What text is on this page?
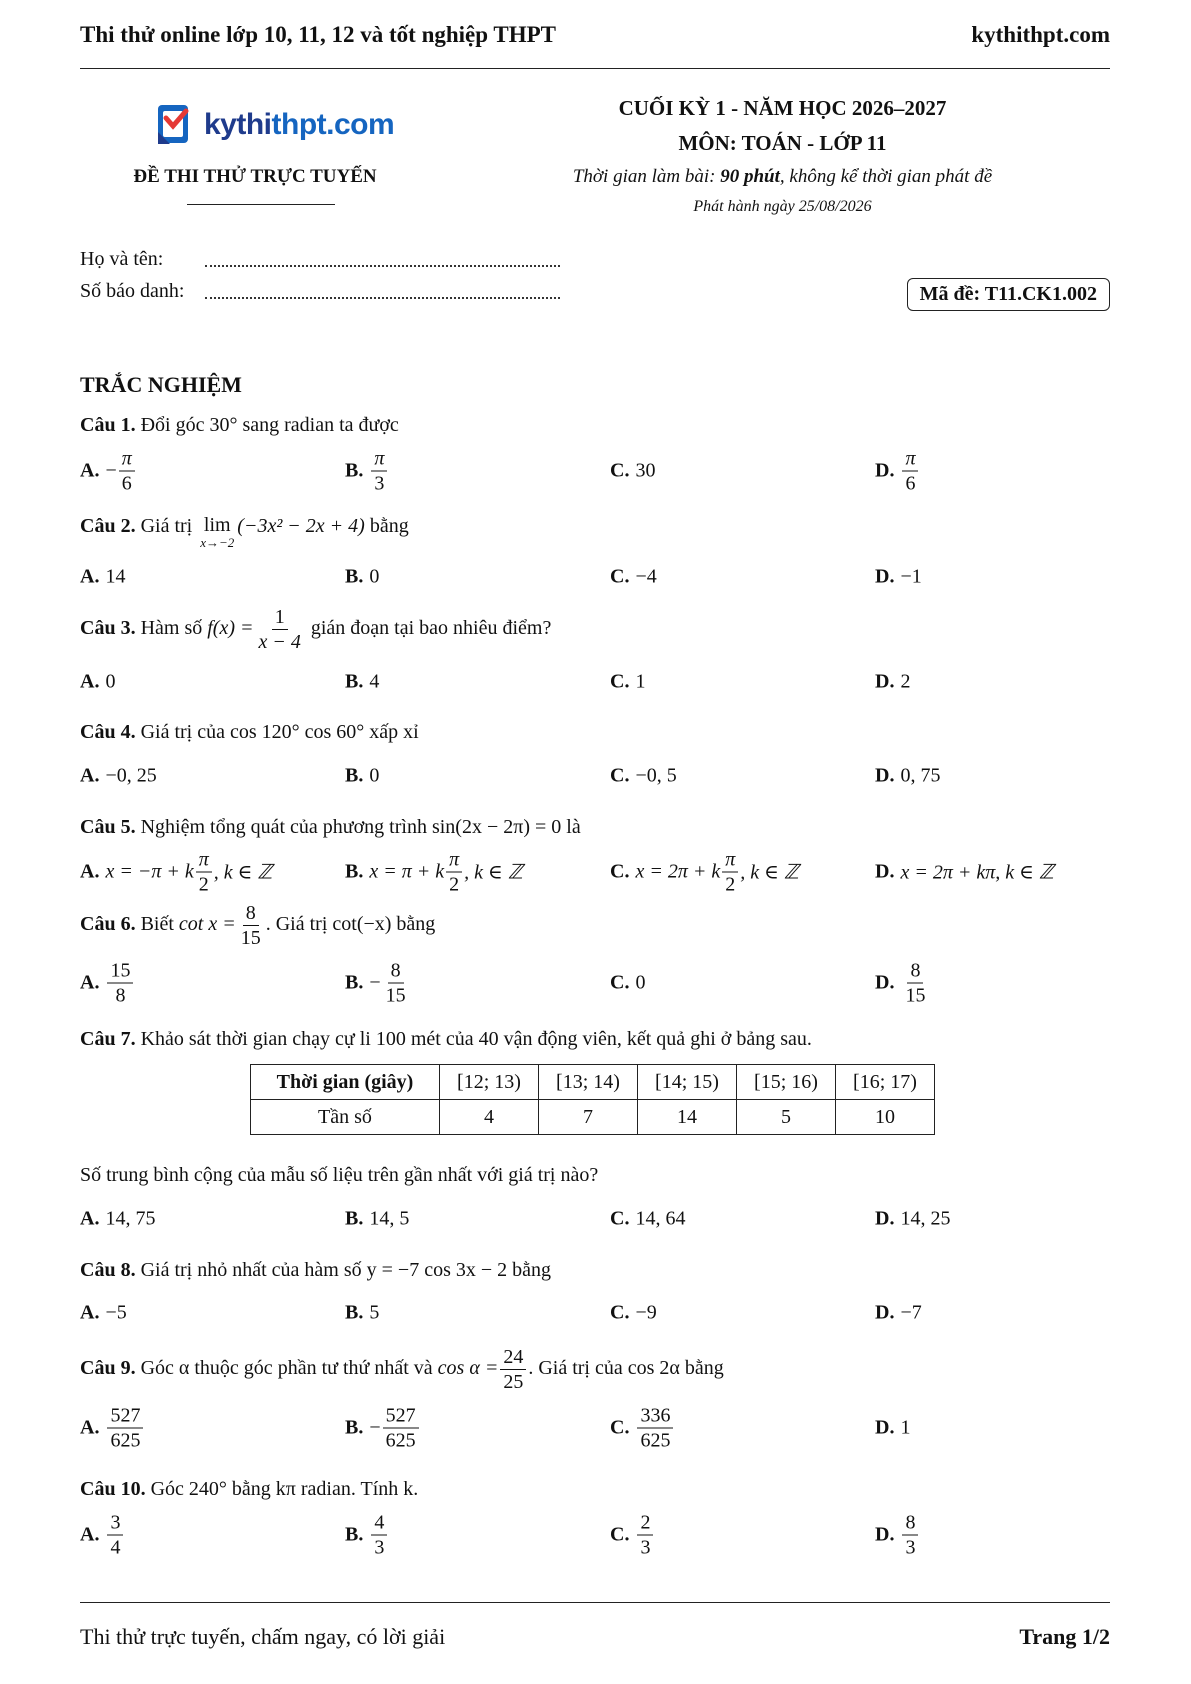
Thi thử online lớp 10, 11, 12 và tốt nghiệp THPT	kythithpt.com
kythithpt.com
ĐỀ THI THỬ TRỰC TUYẾN
CUỐI KỲ 1 - NĂM HỌC 2026–2027
MÔN: TOÁN - LỚP 11
Thời gian làm bài: 90 phút, không kể thời gian phát đề
Phát hành ngày 25/08/2026
Họ và tên:
Số báo danh:	Mã đề: T11.CK1.002
TRẮC NGHIỆM
Câu 1. Đổi góc 30° sang radian ta được
A. − $\frac{\pi}{6}$	B. $\frac{\pi}{3}$	C. 30	D. $\frac{\pi}{6}$
Câu 2. Giá trị lim
x→−2
(−3x² − 2x + 4) bằng
A. 14	B. 0	C. −4	D. −1
Câu 3. Hàm số $f(x) = \frac{1}{x - 4}$ gián đoạn tại bao nhiêu điểm?
A. 0	B. 4	C. 1	D. 2
Câu 4. Giá trị của cos 120° cos 60° xấp xỉ
A. −0, 25	B. 0	C. −0, 5	D. 0, 75
Câu 5. Nghiệm tổng quát của phương trình sin(2x − 2π) = 0 là
A. x = −π + k $\frac{\pi}{2}$ , k ∈ ℤ	B. x = π + k $\frac{\pi}{2}$ , k ∈ ℤ	C. x = 2π + k $\frac{\pi}{2}$ , k ∈ ℤ	D. x = 2π + kπ, k ∈ ℤ
Câu 6. Biết $\cot x = \frac{8}{15}$ . Giá trị cot(−x) bằng
A. $\frac{15}{8}$	B. − $\frac{8}{15}$	C. 0	D. $\frac{8}{15}$
Câu 7. Khảo sát thời gian chạy cự li 100 mét của 40 vận động viên, kết quả ghi ở bảng sau.
Thời gian (giây)	[12; 13)	[13; 14)	[14; 15)	[15; 16)	[16; 17)
Tần số	4	7	14	5	10
Số trung bình cộng của mẫu số liệu trên gần nhất với giá trị nào?
A. 14, 75	B. 14, 5	C. 14, 64	D. 14, 25
Câu 8. Giá trị nhỏ nhất của hàm số y = −7 cos 3x − 2 bằng
A. −5	B. 5	C. −9	D. −7
Câu 9. Góc α thuộc góc phần tư thứ nhất và $\cos \alpha = \frac{24}{25}$ . Giá trị của cos 2α bằng
A. $\frac{527}{625}$	B. − $\frac{527}{625}$	C. $\frac{336}{625}$	D. 1
Câu 10. Góc 240° bằng kπ radian. Tính k.
A. $\frac{3}{4}$	B. $\frac{4}{3}$	C. $\frac{2}{3}$	D. $\frac{8}{3}$
Thi thử trực tuyến, chấm ngay, có lời giải	Trang 1/2
